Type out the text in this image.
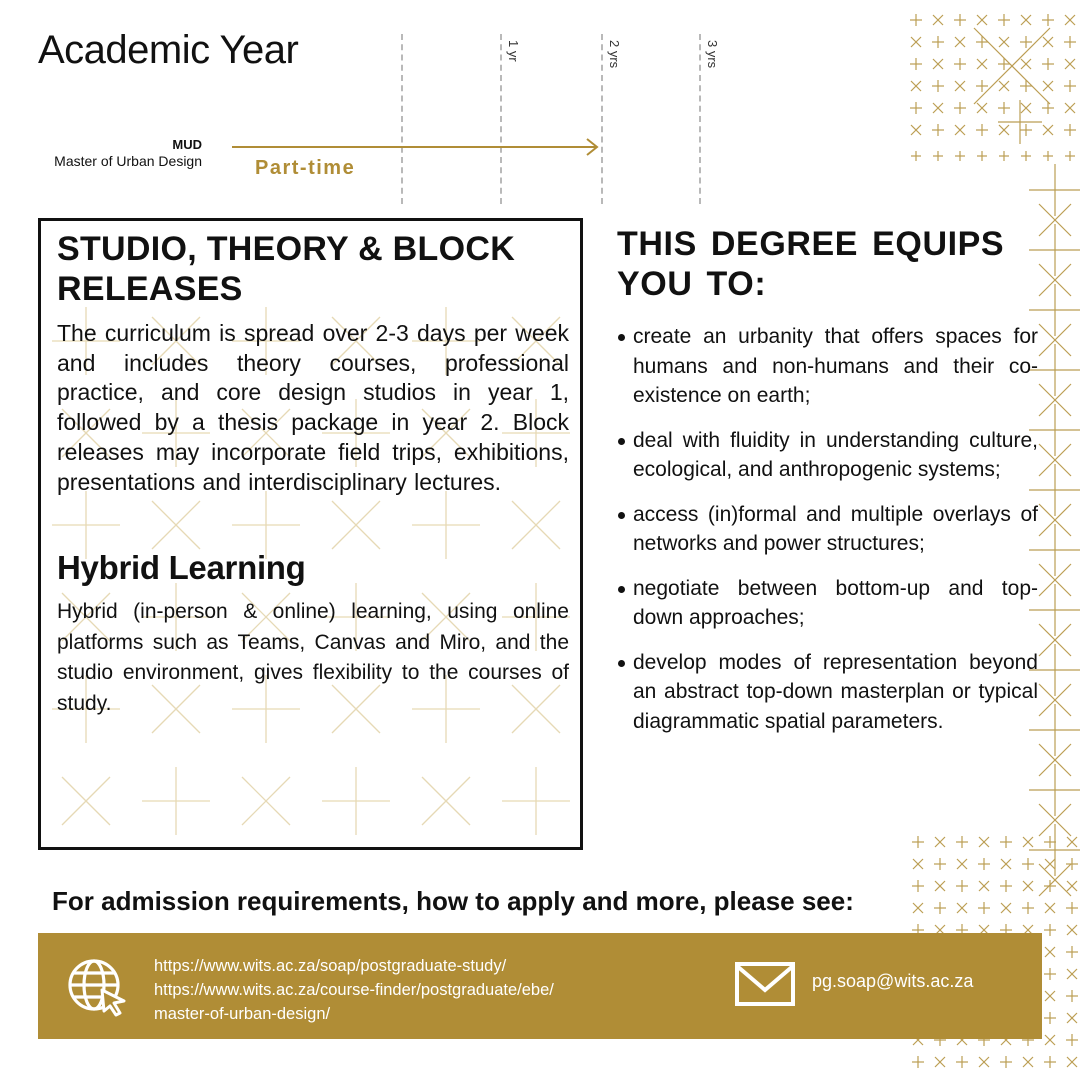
Academic Year	1 yr	2 yrs	3 yrs
MUD
Master of Urban Design	Part-time
STUDIO, THEORY & BLOCK RELEASES
The curriculum is spread over 2-3 days per week and includes theory courses, professional practice, and core design studios in year 1, followed by a thesis package in year 2. Block releases may incorporate field trips, exhibitions, presentations and interdisciplinary lectures.
Hybrid Learning
Hybrid (in-person & online) learning, using online platforms such as Teams, Canvas and Miro, and the studio environment, gives flexibility to the courses of study.
THIS DEGREE EQUIPS YOU TO:
create an urbanity that offers spaces for humans and non-humans and their co-existence on earth;
deal with fluidity in understanding culture, ecological, and anthropogenic systems;
access (in)formal and multiple overlays of networks and power structures;
negotiate between bottom-up and top-down approaches;
develop modes of representation beyond an abstract top-down masterplan or typical diagrammatic spatial parameters.
For admission requirements, how to apply and more, please see:
https://www.wits.ac.za/soap/postgraduate-study/
https://www.wits.ac.za/course-finder/postgraduate/ebe/
master-of-urban-design/
pg.soap@wits.ac.za
